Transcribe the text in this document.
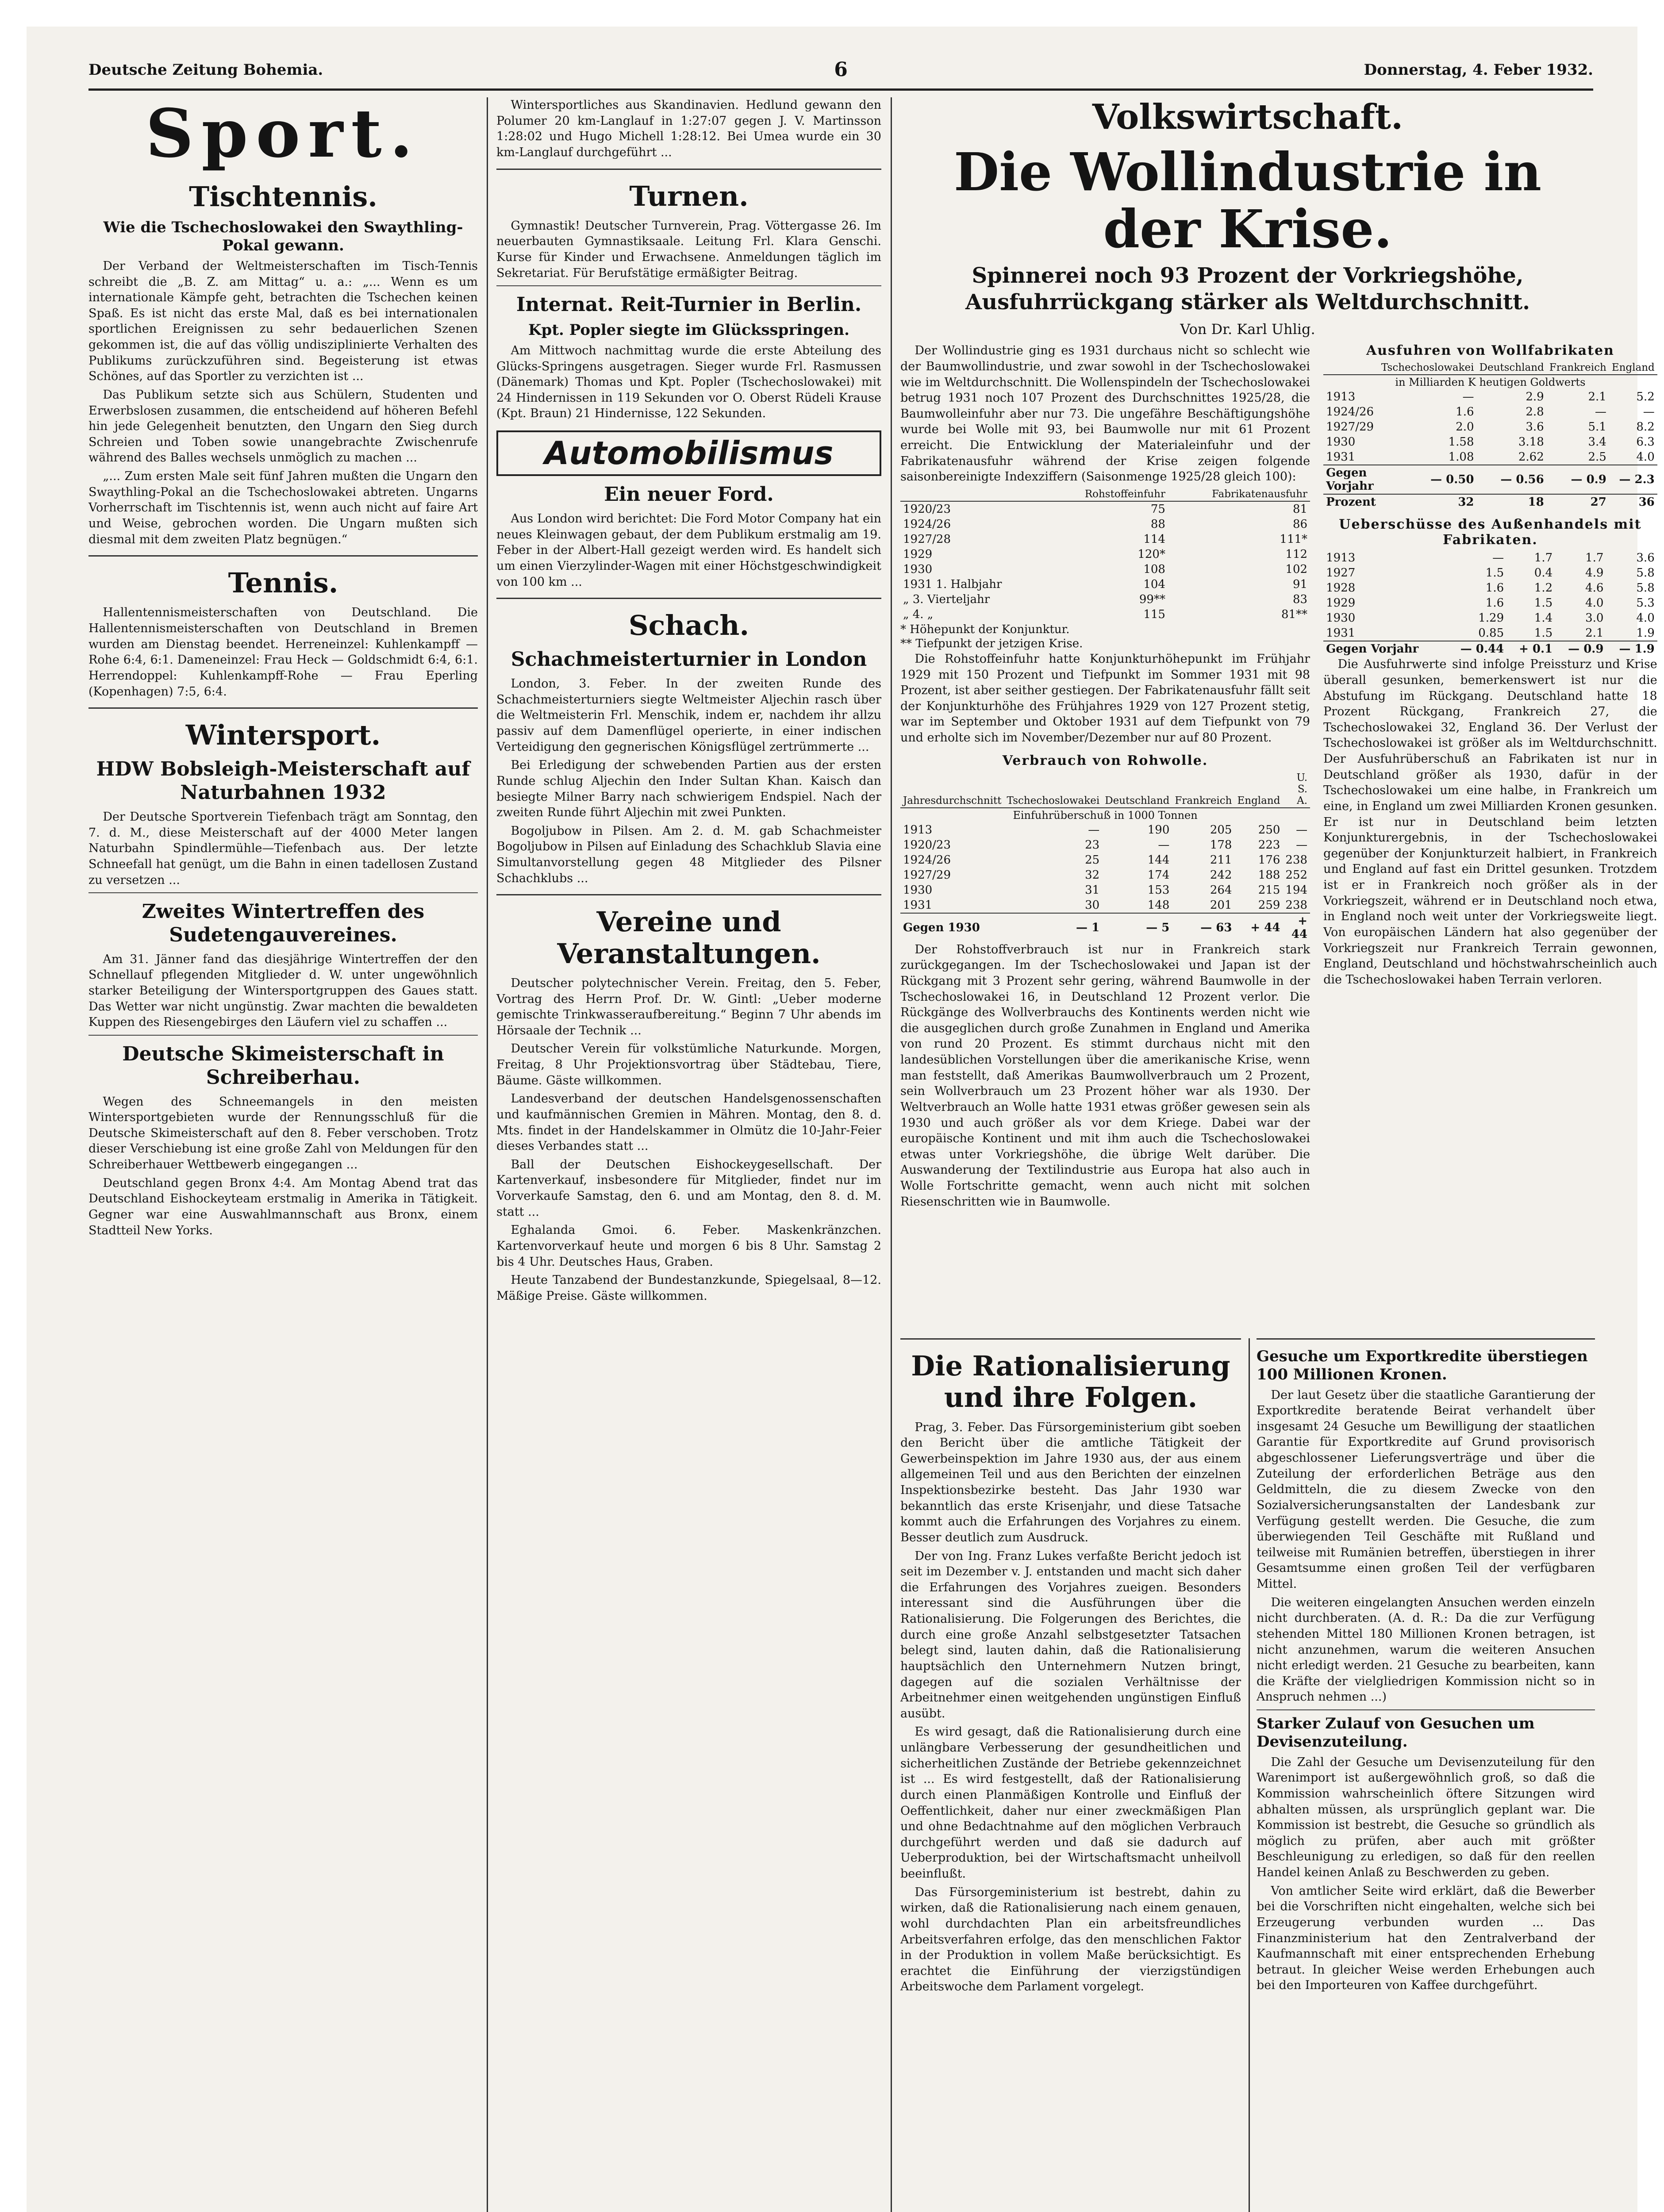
Deutsche Zeitung Bohemia.	6	Donnerstag, 4. Feber 1932.
Sport.
Tischtennis.
Wie die Tschechoslowakei den Swaythling-Pokal gewann.

Der Verband der Weltmeisterschaften im Tisch-Tennis schreibt die „B. Z. am Mittag“ u. a.: „... Wenn es um internationale Kämpfe geht, betrachten die Tschechen keinen Spaß. Es ist nicht das erste Mal, daß es bei internationalen sportlichen Ereignissen zu sehr bedauerlichen Szenen gekommen ist, die auf das völlig undisziplinierte Verhalten des Publikums zurückzuführen sind. Begeisterung ist etwas Schönes, auf das Sportler zu verzichten ist ...

Das Publikum setzte sich aus Schülern, Studenten und Erwerbslosen zusammen, die entscheidend auf höheren Befehl hin jede Gelegenheit benutzten, den Ungarn den Sieg durch Schreien und Toben sowie unangebrachte Zwischenrufe während des Balles wechsels unmöglich zu machen ...

„... Zum ersten Male seit fünf Jahren mußten die Ungarn den Swaythling-Pokal an die Tschechoslowakei abtreten. Ungarns Vorherrschaft im Tischtennis ist, wenn auch nicht auf faire Art und Weise, gebrochen worden. Die Ungarn mußten sich diesmal mit dem zweiten Platz begnügen.“

Tennis.

Hallentennismeisterschaften von Deutschland. Die Hallentennismeisterschaften von Deutschland in Bremen wurden am Dienstag beendet. Herreneinzel: Kuhlenkampff — Rohe 6:4, 6:1. Dameneinzel: Frau Heck — Goldschmidt 6:4, 6:1. Herrendoppel: Kuhlenkampff-Rohe — Frau Eperling (Kopenhagen) 7:5, 6:4.

Wintersport.
HDW Bobsleigh-Meisterschaft auf Naturbahnen 1932

Der Deutsche Sportverein Tiefenbach trägt am Sonntag, den 7. d. M., diese Meisterschaft auf der 4000 Meter langen Naturbahn Spindlermühle—Tiefenbach aus. Der letzte Schneefall hat genügt, um die Bahn in einen tadellosen Zustand zu versetzen ...

Zweites Wintertreffen des Sudetengauvereines.

Am 31. Jänner fand das diesjährige Wintertreffen der den Schnellauf pflegenden Mitglieder d. W. unter ungewöhnlich starker Beteiligung der Wintersportgruppen des Gaues statt. Das Wetter war nicht ungünstig. Zwar machten die bewaldeten Kuppen des Riesengebirges den Läufern viel zu schaffen ...

Deutsche Skimeisterschaft in Schreiberhau.

Wegen des Schneemangels in den meisten Wintersportgebieten wurde der Rennungsschluß für die Deutsche Skimeisterschaft auf den 8. Feber verschoben. Trotz dieser Verschiebung ist eine große Zahl von Meldungen für den Schreiberhauer Wettbewerb eingegangen ...

Deutschland gegen Bronx 4:4. Am Montag Abend trat das Deutschland Eishockeyteam erstmalig in Amerika in Tätigkeit. Gegner war eine Auswahlmannschaft aus Bronx, einem Stadtteil New Yorks.

Wintersportliches aus Skandinavien. Hedlund gewann den Polumer 20 km-Langlauf in 1:27:07 gegen J. V. Martinsson 1:28:02 und Hugo Michell 1:28:12. Bei Umea wurde ein 30 km-Langlauf durchgeführt ...

Turnen.

Gymnastik! Deutscher Turnverein, Prag. Vöttergasse 26. Im neuerbauten Gymnastiksaale. Leitung Frl. Klara Genschi. Kurse für Kinder und Erwachsene. Anmeldungen täglich im Sekretariat. Für Berufstätige ermäßigter Beitrag.

Internat. Reit-Turnier in Berlin.
Kpt. Popler siegte im Glücksspringen.

Am Mittwoch nachmittag wurde die erste Abteilung des Glücks-Springens ausgetragen. Sieger wurde Frl. Rasmussen (Dänemark) Thomas und Kpt. Popler (Tschechoslowakei) mit 24 Hindernissen in 119 Sekunden vor O. Oberst Rüdeli Krause (Kpt. Braun) 21 Hindernisse, 122 Sekunden.

Automobilismus
Ein neuer Ford.

Aus London wird berichtet: Die Ford Motor Company hat ein neues Kleinwagen gebaut, der dem Publikum erstmalig am 19. Feber in der Albert-Hall gezeigt werden wird. Es handelt sich um einen Vierzylinder-Wagen mit einer Höchstgeschwindigkeit von 100 km ...

Schach.
Schachmeisterturnier in London

London, 3. Feber. In der zweiten Runde des Schachmeisterturniers siegte Weltmeister Aljechin rasch über die Weltmeisterin Frl. Menschik, indem er, nachdem ihr allzu passiv auf dem Damenflügel operierte, in einer indischen Verteidigung den gegnerischen Königsflügel zertrümmerte ...

Bei Erledigung der schwebenden Partien aus der ersten Runde schlug Aljechin den Inder Sultan Khan. Kaisch dan besiegte Milner Barry nach schwierigem Endspiel. Nach der zweiten Runde führt Aljechin mit zwei Punkten.

Bogoljubow in Pilsen. Am 2. d. M. gab Schachmeister Bogoljubow in Pilsen auf Einladung des Schachklub Slavia eine Simultanvorstellung gegen 48 Mitglieder des Pilsner Schachklubs ...

Vereine und Veranstaltungen.

Deutscher polytechnischer Verein. Freitag, den 5. Feber, Vortrag des Herrn Prof. Dr. W. Gintl: „Ueber moderne gemischte Trinkwasseraufbereitung.“ Beginn 7 Uhr abends im Hörsaale der Technik ...

Deutscher Verein für volkstümliche Naturkunde. Morgen, Freitag, 8 Uhr Projektionsvortrag über Städtebau, Tiere, Bäume. Gäste willkommen.

Landesverband der deutschen Handelsgenossenschaften und kaufmännischen Gremien in Mähren. Montag, den 8. d. Mts. findet in der Handelskammer in Olmütz die 10-Jahr-Feier dieses Verbandes statt ...

Ball der Deutschen Eishockeygesellschaft. Der Kartenverkauf, insbesondere für Mitglieder, findet nur im Vorverkaufe Samstag, den 6. und am Montag, den 8. d. M. statt ...

Eghalanda Gmoi. 6. Feber. Maskenkränzchen. Kartenvorverkauf heute und morgen 6 bis 8 Uhr. Samstag 2 bis 4 Uhr. Deutsches Haus, Graben.

Heute Tanzabend der Bundestanzkunde, Spiegelsaal, 8—12. Mäßige Preise. Gäste willkommen.

Volkswirtschaft.
Die Wollindustrie in der Krise.
Spinnerei noch 93 Prozent der Vorkriegshöhe, Ausfuhrrückgang stärker als Weltdurchschnitt.
Von Dr. Karl Uhlig.

Der Wollindustrie ging es 1931 durchaus nicht so schlecht wie der Baumwollindustrie, und zwar sowohl in der Tschechoslowakei wie im Weltdurchschnitt. Die Wollenspindeln der Tschechoslowakei betrug 1931 noch 107 Prozent des Durchschnittes 1925/28, die Baumwolleinfuhr aber nur 73. Die ungefähre Beschäftigungshöhe wurde bei Wolle mit 93, bei Baumwolle nur mit 61 Prozent erreicht. Die Entwicklung der Materialeinfuhr und der Fabrikatenausfuhr während der Krise zeigen folgende saisonbereinigte Indexziffern (Saisonmenge 1925/28 gleich 100):

	Rohstoffeinfuhr	Fabrikatenausfuhr
1920/23	75	81
1924/26	88	86
1927/28	114	111*
1929	120*	112
1930	108	102
1931 1. Halbjahr	104	91
„ 3. Vierteljahr	99**	83
„ 4. „	115	81**
* Höhepunkt der Konjunktur.
** Tiefpunkt der jetzigen Krise.

Die Rohstoffeinfuhr hatte Konjunkturhöhepunkt im Frühjahr 1929 mit 150 Prozent und Tiefpunkt im Sommer 1931 mit 98 Prozent, ist aber seither gestiegen. Der Fabrikatenausfuhr fällt seit der Konjunkturhöhe des Frühjahres 1929 von 127 Prozent stetig, war im September und Oktober 1931 auf dem Tiefpunkt von 79 und erholte sich im November/Dezember nur auf 80 Prozent.

Verbrauch von Rohwolle.
Jahresdurchschnitt	Tschechoslowakei	Deutschland	Frankreich	England	U. S. A.
Einfuhrüberschuß in 1000 Tonnen					
1913	—	190	205	250	—
1920/23	23	—	178	223	—
1924/26	25	144	211	176	238
1927/29	32	174	242	188	252
1930	31	153	264	215	194
1931	30	148	201	259	238
Gegen 1930	— 1	— 5	— 63	+ 44	+ 44

Der Rohstoffverbrauch ist nur in Frankreich stark zurückgegangen. Im der Tschechoslowakei und Japan ist der Rückgang mit 3 Prozent sehr gering, während Baumwolle in der Tschechoslowakei 16, in Deutschland 12 Prozent verlor. Die Rückgänge des Wollverbrauchs des Kontinents werden nicht wie die ausgeglichen durch große Zunahmen in England und Amerika von rund 20 Prozent. Es stimmt durchaus nicht mit den landesüblichen Vorstellungen über die amerikanische Krise, wenn man feststellt, daß Amerikas Baumwollverbrauch um 2 Prozent, sein Wollverbrauch um 23 Prozent höher war als 1930. Der Weltverbrauch an Wolle hatte 1931 etwas größer gewesen sein als 1930 und auch größer als vor dem Kriege. Dabei war der europäische Kontinent und mit ihm auch die Tschechoslowakei etwas unter Vorkriegshöhe, die übrige Welt darüber. Die Auswanderung der Textilindustrie aus Europa hat also auch in Wolle Fortschritte gemacht, wenn auch nicht mit solchen Riesenschritten wie in Baumwolle.

Ausfuhren von Wollfabrikaten
	Tschechoslowakei	Deutschland	Frankreich	England
in Milliarden K heutigen Goldwerts				
1913	—	2.9	2.1	5.2
1924/26	1.6	2.8	—	—
1927/29	2.0	3.6	5.1	8.2
1930	1.58	3.18	3.4	6.3
1931	1.08	2.62	2.5	4.0
Gegen Vorjahr	— 0.50	— 0.56	— 0.9	— 2.3
Prozent	32	18	27	36
Ueberschüsse des Außenhandels mit Fabrikaten.
1913	—	1.7	1.7	3.6
1927	1.5	0.4	4.9	5.8
1928	1.6	1.2	4.6	5.8
1929	1.6	1.5	4.0	5.3
1930	1.29	1.4	3.0	4.0
1931	0.85	1.5	2.1	1.9
Gegen Vorjahr	— 0.44	+ 0.1	— 0.9	— 1.9

Die Ausfuhrwerte sind infolge Preissturz und Krise überall gesunken, bemerkenswert ist nur die Abstufung im Rückgang. Deutschland hatte 18 Prozent Rückgang, Frankreich 27, die Tschechoslowakei 32, England 36. Der Verlust der Tschechoslowakei ist größer als im Weltdurchschnitt. Der Ausfuhrüberschuß an Fabrikaten ist nur in Deutschland größer als 1930, dafür in der Tschechoslowakei um eine halbe, in Frankreich um eine, in England um zwei Milliarden Kronen gesunken. Er ist nur in Deutschland beim letzten Konjunkturergebnis, in der Tschechoslowakei gegenüber der Konjunkturzeit halbiert, in Frankreich und England auf fast ein Drittel gesunken. Trotzdem ist er in Frankreich noch größer als in der Vorkriegszeit, während er in Deutschland noch etwa, in England noch weit unter der Vorkriegsweite liegt. Von europäischen Ländern hat also gegenüber der Vorkriegszeit nur Frankreich Terrain gewonnen, England, Deutschland und höchstwahrscheinlich auch die Tschechoslowakei haben Terrain verloren.

Die Rationalisierung und ihre Folgen.

Prag, 3. Feber. Das Fürsorgeministerium gibt soeben den Bericht über die amtliche Tätigkeit der Gewerbeinspektion im Jahre 1930 aus, der aus einem allgemeinen Teil und aus den Berichten der einzelnen Inspektionsbezirke besteht. Das Jahr 1930 war bekanntlich das erste Krisenjahr, und diese Tatsache kommt auch die Erfahrungen des Vorjahres zu einem. Besser deutlich zum Ausdruck.

Der von Ing. Franz Lukes verfaßte Bericht jedoch ist seit im Dezember v. J. entstanden und macht sich daher die Erfahrungen des Vorjahres zueigen. Besonders interessant sind die Ausführungen über die Rationalisierung. Die Folgerungen des Berichtes, die durch eine große Anzahl selbstgesetzter Tatsachen belegt sind, lauten dahin, daß die Rationalisierung hauptsächlich den Unternehmern Nutzen bringt, dagegen auf die sozialen Verhältnisse der Arbeitnehmer einen weitgehenden ungünstigen Einfluß ausübt.

Es wird gesagt, daß die Rationalisierung durch eine unlängbare Verbesserung der gesundheitlichen und sicherheitlichen Zustände der Betriebe gekennzeichnet ist ... Es wird festgestellt, daß der Rationalisierung durch einen Planmäßigen Kontrolle und Einfluß der Oeffentlichkeit, daher nur einer zweckmäßigen Plan und ohne Bedachtnahme auf den möglichen Verbrauch durchgeführt werden und daß sie dadurch auf Ueberproduktion, bei der Wirtschaftsmacht unheilvoll beeinflußt.

Das Fürsorgeministerium ist bestrebt, dahin zu wirken, daß die Rationalisierung nach einem genauen, wohl durchdachten Plan ein arbeitsfreundliches Arbeitsverfahren erfolge, das den menschlichen Faktor in der Produktion in vollem Maße berücksichtigt. Es erachtet die Einführung der vierzigstündigen Arbeitswoche dem Parlament vorgelegt.

Gesuche um Exportkredite überstiegen 100 Millionen Kronen.

Der laut Gesetz über die staatliche Garantierung der Exportkredite beratende Beirat verhandelt über insgesamt 24 Gesuche um Bewilligung der staatlichen Garantie für Exportkredite auf Grund provisorisch abgeschlossener Lieferungsverträge und über die Zuteilung der erforderlichen Beträge aus den Geldmitteln, die zu diesem Zwecke von den Sozialversicherungsanstalten der Landesbank zur Verfügung gestellt werden. Die Gesuche, die zum überwiegenden Teil Geschäfte mit Rußland und teilweise mit Rumänien betreffen, überstiegen in ihrer Gesamtsumme einen großen Teil der verfügbaren Mittel.

Die weiteren eingelangten Ansuchen werden einzeln nicht durchberaten. (A. d. R.: Da die zur Verfügung stehenden Mittel 180 Millionen Kronen betragen, ist nicht anzunehmen, warum die weiteren Ansuchen nicht erledigt werden. 21 Gesuche zu bearbeiten, kann die Kräfte der vielgliedrigen Kommission nicht so in Anspruch nehmen ...)

Starker Zulauf von Gesuchen um Devisenzuteilung.

Die Zahl der Gesuche um Devisenzuteilung für den Warenimport ist außergewöhnlich groß, so daß die Kommission wahrscheinlich öftere Sitzungen wird abhalten müssen, als ursprünglich geplant war. Die Kommission ist bestrebt, die Gesuche so gründlich als möglich zu prüfen, aber auch mit größter Beschleunigung zu erledigen, so daß für den reellen Handel keinen Anlaß zu Beschwerden zu geben.

Von amtlicher Seite wird erklärt, daß die Bewerber bei die Vorschriften nicht eingehalten, welche sich bei Erzeugerung verbunden wurden ... Das Finanzministerium hat den Zentralverband der Kaufmannschaft mit einer entsprechenden Erhebung betraut. In gleicher Weise werden Erhebungen auch bei den Importeuren von Kaffee durchgeführt.
